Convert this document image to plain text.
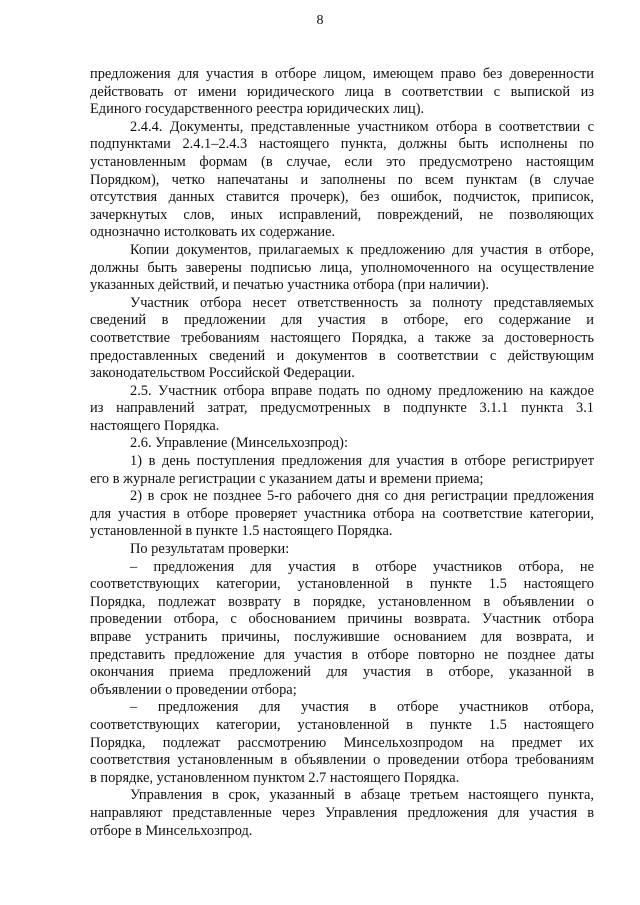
8
предложения для участия в отборе лицом, имеющем право без доверенности
действовать от имени юридического лица в соответствии с выпиской из
Единого государственного реестра юридических лиц).
2.4.4. Документы, представленные участником отбора в соответствии с
подпунктами 2.4.1–2.4.3 настоящего пункта, должны быть исполнены по
установленным формам (в случае, если это предусмотрено настоящим
Порядком), четко напечатаны и заполнены по всем пунктам (в случае
отсутствия данных ставится прочерк), без ошибок, подчисток, приписок,
зачеркнутых слов, иных исправлений, повреждений, не позволяющих
однозначно истолковать их содержание.
Копии документов, прилагаемых к предложению для участия в отборе,
должны быть заверены подписью лица, уполномоченного на осуществление
указанных действий, и печатью участника отбора (при наличии).
Участник отбора несет ответственность за полноту представляемых
сведений в предложении для участия в отборе, его содержание и
соответствие требованиям настоящего Порядка, а также за достоверность
предоставленных сведений и документов в соответствии с действующим
законодательством Российской Федерации.
2.5. Участник отбора вправе подать по одному предложению на каждое
из направлений затрат, предусмотренных в подпункте 3.1.1 пункта 3.1
настоящего Порядка.
2.6. Управление (Минсельхозпрод):
1) в день поступления предложения для участия в отборе регистрирует
его в журнале регистрации с указанием даты и времени приема;
2) в срок не позднее 5-го рабочего дня со дня регистрации предложения
для участия в отборе проверяет участника отбора на соответствие категории,
установленной в пункте 1.5 настоящего Порядка.
По результатам проверки:
– предложения для участия в отборе участников отбора, не
соответствующих категории, установленной в пункте 1.5 настоящего
Порядка, подлежат возврату в порядке, установленном в объявлении о
проведении отбора, с обоснованием причины возврата. Участник отбора
вправе устранить причины, послужившие основанием для возврата, и
представить предложение для участия в отборе повторно не позднее даты
окончания приема предложений для участия в отборе, указанной в
объявлении о проведении отбора;
– предложения для участия в отборе участников отбора,
соответствующих категории, установленной в пункте 1.5 настоящего
Порядка, подлежат рассмотрению Минсельхозпродом на предмет их
соответствия установленным в объявлении о проведении отбора требованиям
в порядке, установленном пунктом 2.7 настоящего Порядка.
Управления в срок, указанный в абзаце третьем настоящего пункта,
направляют представленные через Управления предложения для участия в
отборе в Минсельхозпрод.
